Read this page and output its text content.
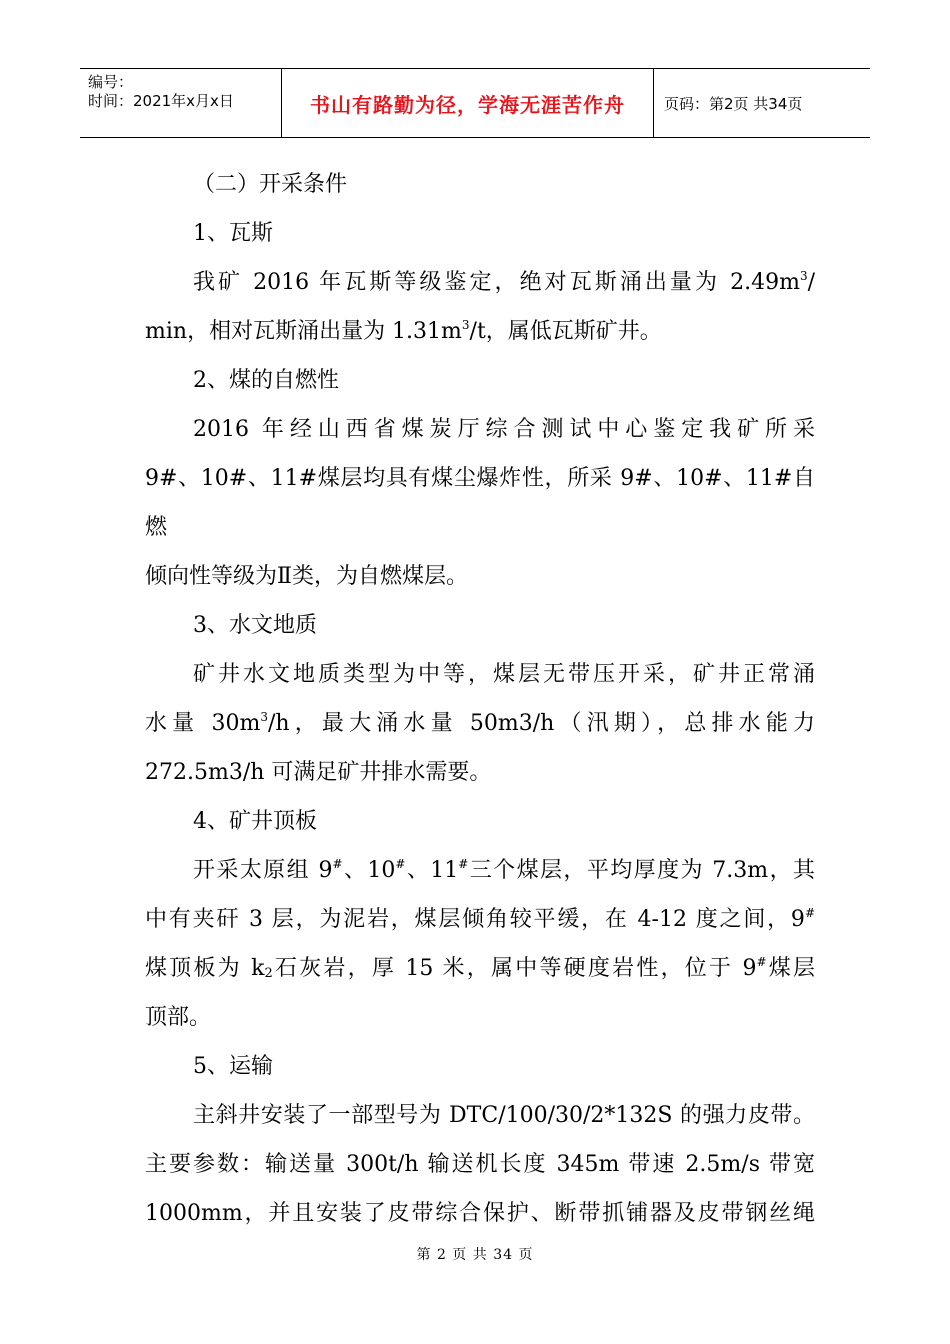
编号：
时间：2021年x月x日	书山有路勤为径，学海无涯苦作舟	页码：第2页 共34页

（二）开采条件

1、瓦斯

我矿 2016 年瓦斯等级鉴定，绝对瓦斯涌出量为 $2.49m^3/$

min，相对瓦斯涌出量为 $1.31m^3/t$，属低瓦斯矿井。

2、煤的自燃性

2016 年经山西省煤炭厅综合测试中心鉴定我矿所采

9#、10#、11#煤层均具有煤尘爆炸性，所采 9#、10#、11#自燃

倾向性等级为Ⅱ类，为自燃煤层。

3、水文地质

矿井水文地质类型为中等，煤层无带压开采，矿井正常涌

水量 $30m^3/h$，最大涌水量 50m3/h（汛期），总排水能力

272.5m3/h 可满足矿井排水需要。

4、矿井顶板

开采太原组 9#、10#、11#三个煤层，平均厚度为 7.3m，其

中有夹矸 3 层，为泥岩，煤层倾角较平缓，在 4-12 度之间，9#

煤顶板为 $k_2$石灰岩，厚 15 米，属中等硬度岩性，位于 9#煤层

顶部。

5、运输

主斜井安装了一部型号为 DTC/100/30/2*132S 的强力皮带。

主要参数：输送量 300t/h 输送机长度 345m 带速 2.5m/s 带宽

1000mm，并且安装了皮带综合保护、断带抓铺器及皮带钢丝绳

第 2 页 共 34 页
